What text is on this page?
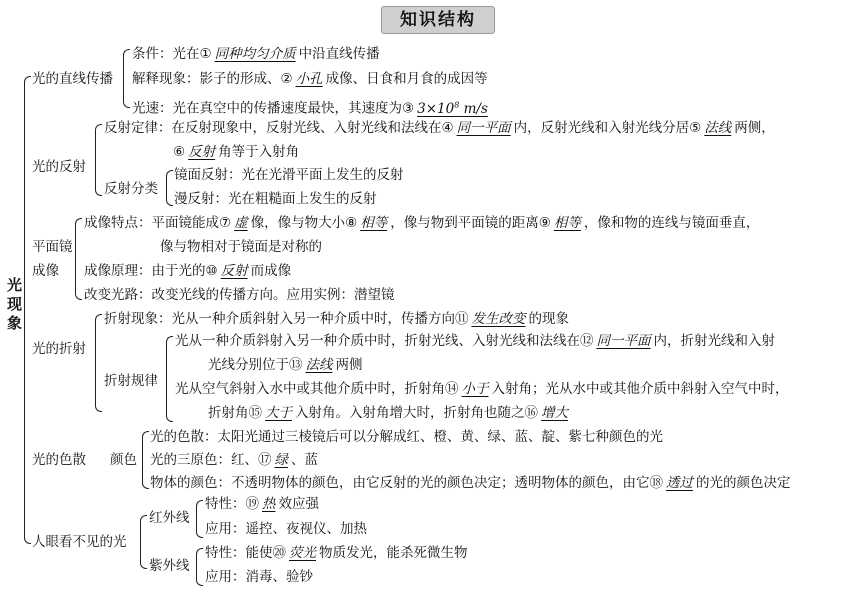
知识结构
光现象
光的直线传播
条件：光在① 同种均匀介质 中沿直线传播
解释现象：影子的形成、② 小孔 成像、日食和月食的成因等
光速：光在真空中的传播速度最快，其速度为③ $3\times 10^8$ m/s
光的反射
反射定律：在反射现象中，反射光线、入射光线和法线在④ 同一平面 内，反射光线和入射光线分居⑤ 法线 两侧，
⑥ 反射 角等于入射角
反射分类
镜面反射：光在光滑平面上发生的反射
漫反射：光在粗糙面上发生的反射
平面镜
成像
成像特点：平面镜能成⑦ 虚 像，像与物大小⑧ 相等 ，像与物到平面镜的距离⑨ 相等 ，像和物的连线与镜面垂直，
像与物相对于镜面是对称的
成像原理：由于光的⑩ 反射 而成像
改变光路：改变光线的传播方向。应用实例：潜望镜
光的折射
折射现象：光从一种介质斜射入另一种介质中时，传播方向⑪ 发生改变 的现象
折射规律
光从一种介质斜射入另一种介质中时，折射光线、入射光线和法线在⑫ 同一平面 内，折射光线和入射
光线分别位于⑬ 法线 两侧
光从空气斜射入水中或其他介质中时，折射角⑭ 小于 入射角；光从水中或其他介质中斜射入空气中时，
折射角⑮ 大于 入射角。入射角增大时，折射角也随之⑯ 增大
光的色散 颜色
光的色散：太阳光通过三棱镜后可以分解成红、橙、黄、绿、蓝、靛、紫七种颜色的光
光的三原色：红、⑰ 绿 、蓝
物体的颜色：不透明物体的颜色，由它反射的光的颜色决定；透明物体的颜色，由它⑱ 透过 的光的颜色决定
人眼看不见的光
红外线
特性：⑲ 热 效应强
应用：遥控、夜视仪、加热
紫外线
特性：能使⑳ 荧光 物质发光，能杀死微生物
应用：消毒、验钞
